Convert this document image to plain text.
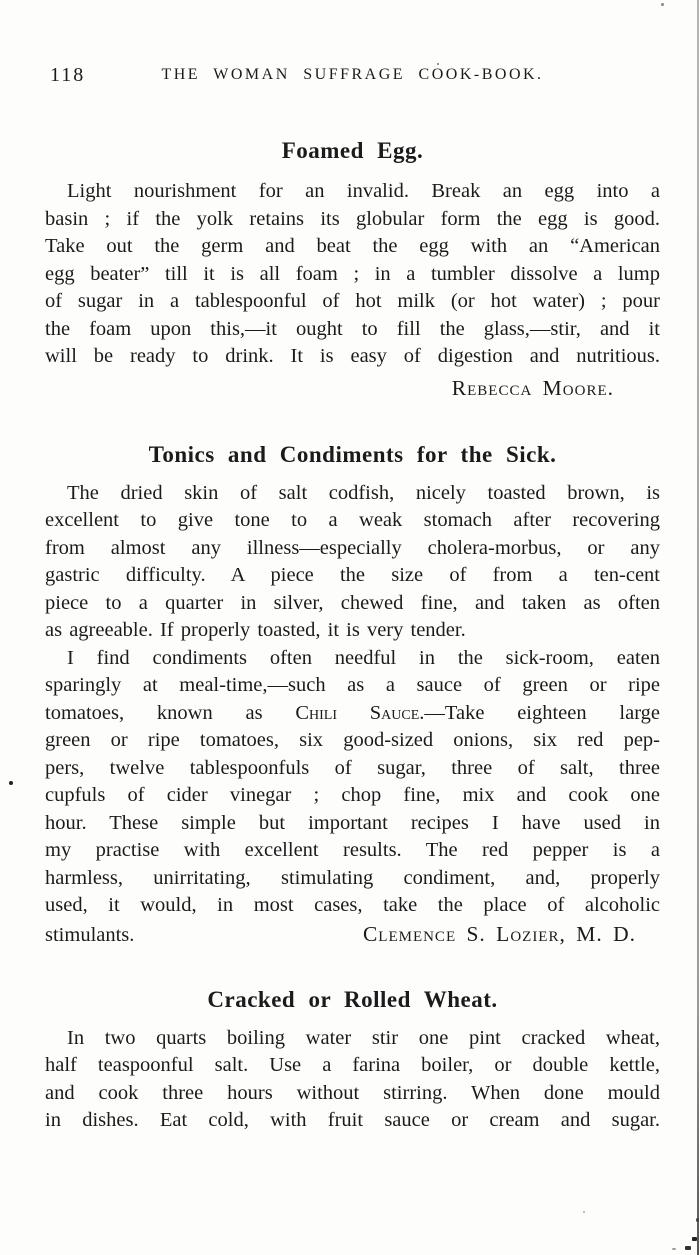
118	THE WOMAN SUFFRAGE COOK-BOOK.
Foamed Egg.
Light nourishment for an invalid. Break an egg into a
basin ; if the yolk retains its globular form the egg is good.
Take out the germ and beat the egg with an “American
egg beater” till it is all foam ; in a tumbler dissolve a lump
of sugar in a tablespoonful of hot milk (or hot water) ; pour
the foam upon this,—it ought to fill the glass,—stir, and it
will be ready to drink. It is easy of digestion and nutritious.
Rebecca Moore.
Tonics and Condiments for the Sick.
The dried skin of salt codfish, nicely toasted brown, is
excellent to give tone to a weak stomach after recovering
from almost any illness—especially cholera-morbus, or any
gastric difficulty. A piece the size of from a ten-cent
piece to a quarter in silver, chewed fine, and taken as often
as agreeable. If properly toasted, it is very tender.
I find condiments often needful in the sick-room, eaten
sparingly at meal-time,—such as a sauce of green or ripe
tomatoes, known as Chili Sauce.—Take eighteen large
green or ripe tomatoes, six good-sized onions, six red pep-
pers, twelve tablespoonfuls of sugar, three of salt, three
cupfuls of cider vinegar ; chop fine, mix and cook one
hour. These simple but important recipes I have used in
my practise with excellent results. The red pepper is a
harmless, unirritating, stimulating condiment, and, properly
used, it would, in most cases, take the place of alcoholic
stimulants.	Clemence S. Lozier, M. D.
Cracked or Rolled Wheat.
In two quarts boiling water stir one pint cracked wheat,
half teaspoonful salt. Use a farina boiler, or double kettle,
and cook three hours without stirring. When done mould
in dishes. Eat cold, with fruit sauce or cream and sugar.
